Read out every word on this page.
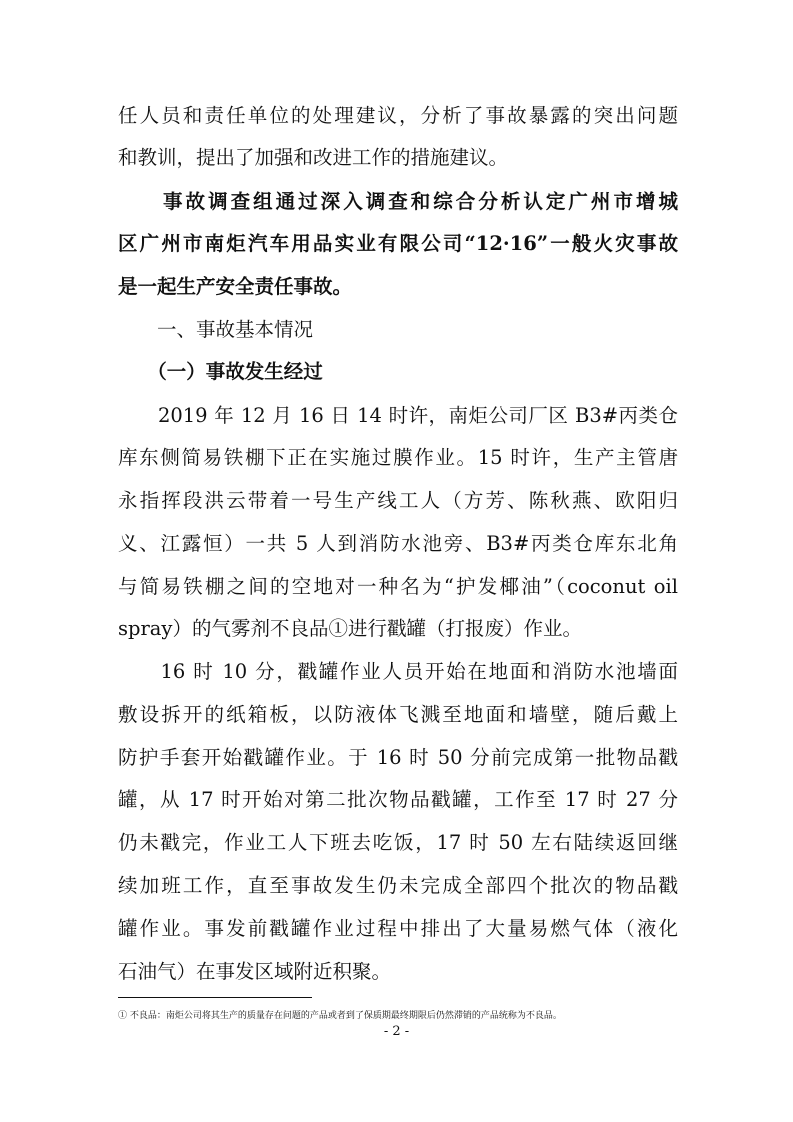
任人员和责任单位的处理建议，分析了事故暴露的突出问题
和教训，提出了加强和改进工作的措施建议。
　　事故调查组通过深入调查和综合分析认定广州市增城
区广州市南炬汽车用品实业有限公司“12·16”一般火灾事故
是一起生产安全责任事故。
　　一、事故基本情况
　　（一）事故发生经过
　　2019 年 12 月 16 日 14 时许，南炬公司厂区 B3#丙类仓
库东侧简易铁棚下正在实施过膜作业。15 时许，生产主管唐
永指挥段洪云带着一号生产线工人（方芳、陈秋燕、欧阳归
义、江露恒）一共 5 人到消防水池旁、B3#丙类仓库东北角
与简易铁棚之间的空地对一种名为“护发椰油”（coconut oil
spray）的气雾剂不良品①进行戳罐（打报废）作业。
　　16 时 10 分，戳罐作业人员开始在地面和消防水池墙面
敷设拆开的纸箱板，以防液体飞溅至地面和墙壁，随后戴上
防护手套开始戳罐作业。于 16 时 50 分前完成第一批物品戳
罐，从 17 时开始对第二批次物品戳罐，工作至 17 时 27 分
仍未戳完，作业工人下班去吃饭，17 时 50 左右陆续返回继
续加班工作，直至事故发生仍未完成全部四个批次的物品戳
罐作业。事发前戳罐作业过程中排出了大量易燃气体（液化
石油气）在事发区域附近积聚。
① 不良品：南炬公司将其生产的质量存在问题的产品或者到了保质期最终期限后仍然滞销的产品统称为不良品。
- 2 -
